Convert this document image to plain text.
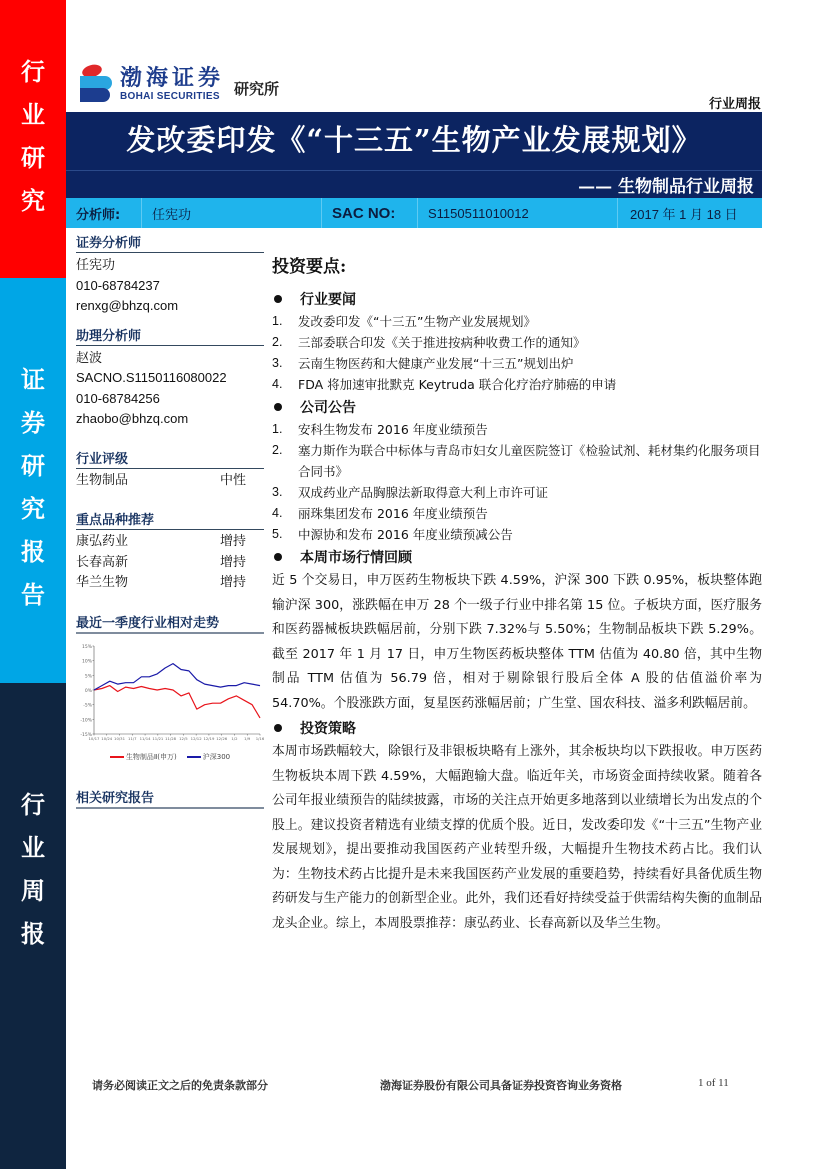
行
业
研
究
证
券
研
究
报
告
行
业
周
报
渤海证券
BOHAI SECURITIES 研究所
行业周报
发改委印发《“十三五”生物产业发展规划》
—— 生物制品行业周报
分析师: 任宪功	SAC NO:	S1150511010012	2017 年 1 月 18 日
证券分析师
任宪功
010-68784237
renxg@bhzq.com
助理分析师
赵波
SACNO.S1150116080022
010-68784256
zhaobo@bhzq.com
行业评级
生物制品	中性
重点品种推荐
康弘药业	增持
长春高新	增持
华兰生物	增持
最近一季度行业相对走势
15%
10%
5%
0%
-5%
-10%
-15%
10/17 10/24 10/31 11/7 11/14 11/21 11/28 12/5 12/12 12/19 12/26 1/2 1/9 1/16
生物制品Ⅱ(申万)	沪深300
相关研究报告
投资要点:
行业要闻
1.	发改委印发《“十三五”生物产业发展规划》
2.	三部委联合印发《关于推进按病种收费工作的通知》
3.	云南生物医药和大健康产业发展“十三五”规划出炉
4.	FDA 将加速审批默克 Keytruda 联合化疗治疗肺癌的申请
公司公告
1.	安科生物发布 2016 年度业绩预告
2.	塞力斯作为联合中标体与青岛市妇女儿童医院签订《检验试剂、耗材集约化服务项目合同书》
3.	双成药业产品胸腺法新取得意大利上市许可证
4.	丽珠集团发布 2016 年度业绩预告
5.	中源协和发布 2016 年度业绩预减公告
本周市场行情回顾

近 5 个交易日，申万医药生物板块下跌 4.59%，沪深 300 下跌 0.95%，板块整体跑输沪深 300，涨跌幅在申万 28 个一级子行业中排名第 15 位。子板块方面，医疗服务和医药器械板块跌幅居前，分别下跌 7.32%与 5.50%；生物制品板块下跌 5.29%。截至 2017 年 1 月 17 日，申万生物医药板块整体 TTM 估值为 40.80 倍，其中生物制品 TTM 估值为 56.79 倍，相对于剔除银行股后全体 A 股的估值溢价率为 54.70%。个股涨跌方面，复星医药涨幅居前；广生堂、国农科技、溢多利跌幅居前。

投资策略

本周市场跌幅较大，除银行及非银板块略有上涨外，其余板块均以下跌报收。申万医药生物板块本周下跌 4.59%，大幅跑输大盘。临近年关，市场资金面持续收紧。随着各公司年报业绩预告的陆续披露，市场的关注点开始更多地落到以业绩增长为出发点的个股上。建议投资者精选有业绩支撑的优质个股。近日，发改委印发《“十三五”生物产业发展规划》，提出要推动我国医药产业转型升级，大幅提升生物技术药占比。我们认为：生物技术药占比提升是未来我国医药产业发展的重要趋势，持续看好具备优质生物药研发与生产能力的创新型企业。此外，我们还看好持续受益于供需结构失衡的血制品龙头企业。综上，本周股票推荐：康弘药业、长春高新以及华兰生物。

请务必阅读正文之后的免责条款部分	渤海证券股份有限公司具备证券投资咨询业务资格	1 of 11
